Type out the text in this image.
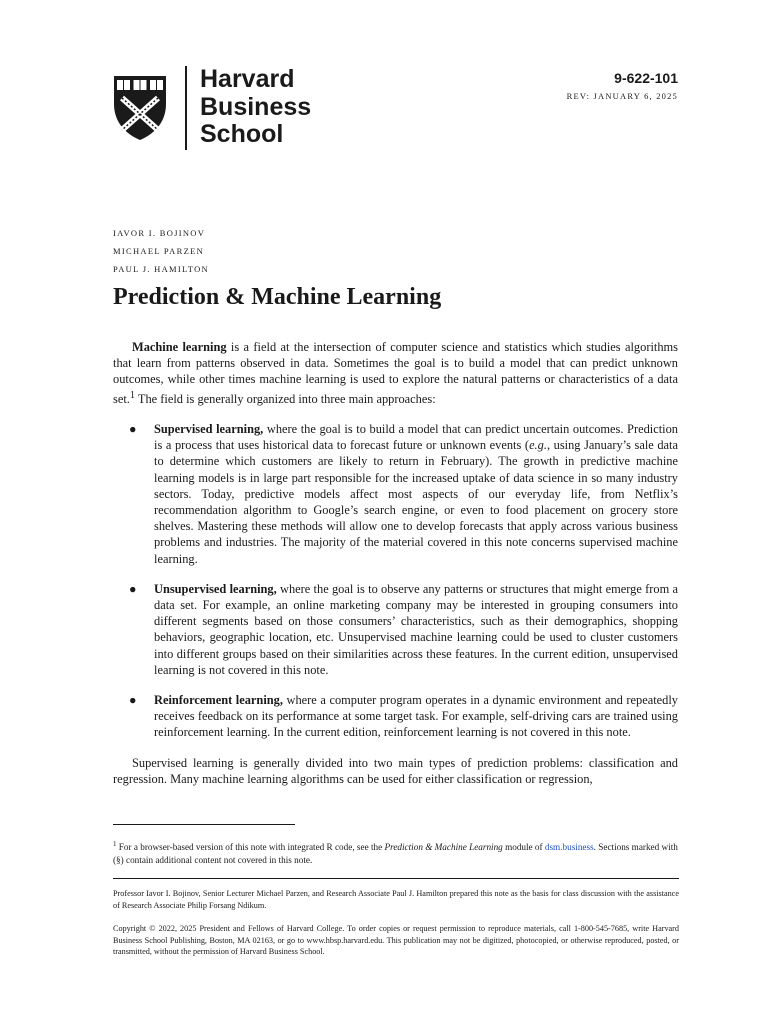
Harvard
Business
School
9-622-101
REV: JANUARY 6, 2025
IAVOR I. BOJINOV
MICHAEL PARZEN
PAUL J. HAMILTON
Prediction & Machine Learning

Machine learning is a field at the intersection of computer science and statistics which studies algorithms that learn from patterns observed in data. Sometimes the goal is to build a model that can predict unknown outcomes, while other times machine learning is used to explore the natural patterns or characteristics of a data set.$^1$ The field is generally organized into three main approaches:

● Supervised learning, where the goal is to build a model that can predict uncertain outcomes. Prediction is a process that uses historical data to forecast future or unknown events (e.g., using January’s sale data to determine which customers are likely to return in February). The growth in predictive machine learning models is in large part responsible for the increased uptake of data science in so many industry sectors. Today, predictive models affect most aspects of our everyday life, from Netflix’s recommendation algorithm to Google’s search engine, or even to food placement on grocery store shelves. Mastering these methods will allow one to develop forecasts that apply across various business problems and industries. The majority of the material covered in this note concerns supervised machine learning.
● Unsupervised learning, where the goal is to observe any patterns or structures that might emerge from a data set. For example, an online marketing company may be interested in grouping consumers into different segments based on those consumers’ characteristics, such as their demographics, shopping behaviors, geographic location, etc. Unsupervised machine learning could be used to cluster customers into different groups based on their similarities across these features. In the current edition, unsupervised learning is not covered in this note.
● Reinforcement learning, where a computer program operates in a dynamic environment and repeatedly receives feedback on its performance at some target task. For example, self-driving cars are trained using reinforcement learning. In the current edition, reinforcement learning is not covered in this note.

Supervised learning is generally divided into two main types of prediction problems: classification and regression. Many machine learning algorithms can be used for either classification or regression,

$^1$ For a browser-based version of this note with integrated R code, see the Prediction & Machine Learning module of dsm.business. Sections marked with (§) contain additional content not covered in this note.
Professor Iavor I. Bojinov, Senior Lecturer Michael Parzen, and Research Associate Paul J. Hamilton prepared this note as the basis for class discussion with the assistance of Research Associate Philip Forsang Ndikum.
Copyright © 2022, 2025 President and Fellows of Harvard College. To order copies or request permission to reproduce materials, call 1-800-545-7685, write Harvard Business School Publishing, Boston, MA 02163, or go to www.hbsp.harvard.edu. This publication may not be digitized, photocopied, or otherwise reproduced, posted, or transmitted, without the permission of Harvard Business School.
